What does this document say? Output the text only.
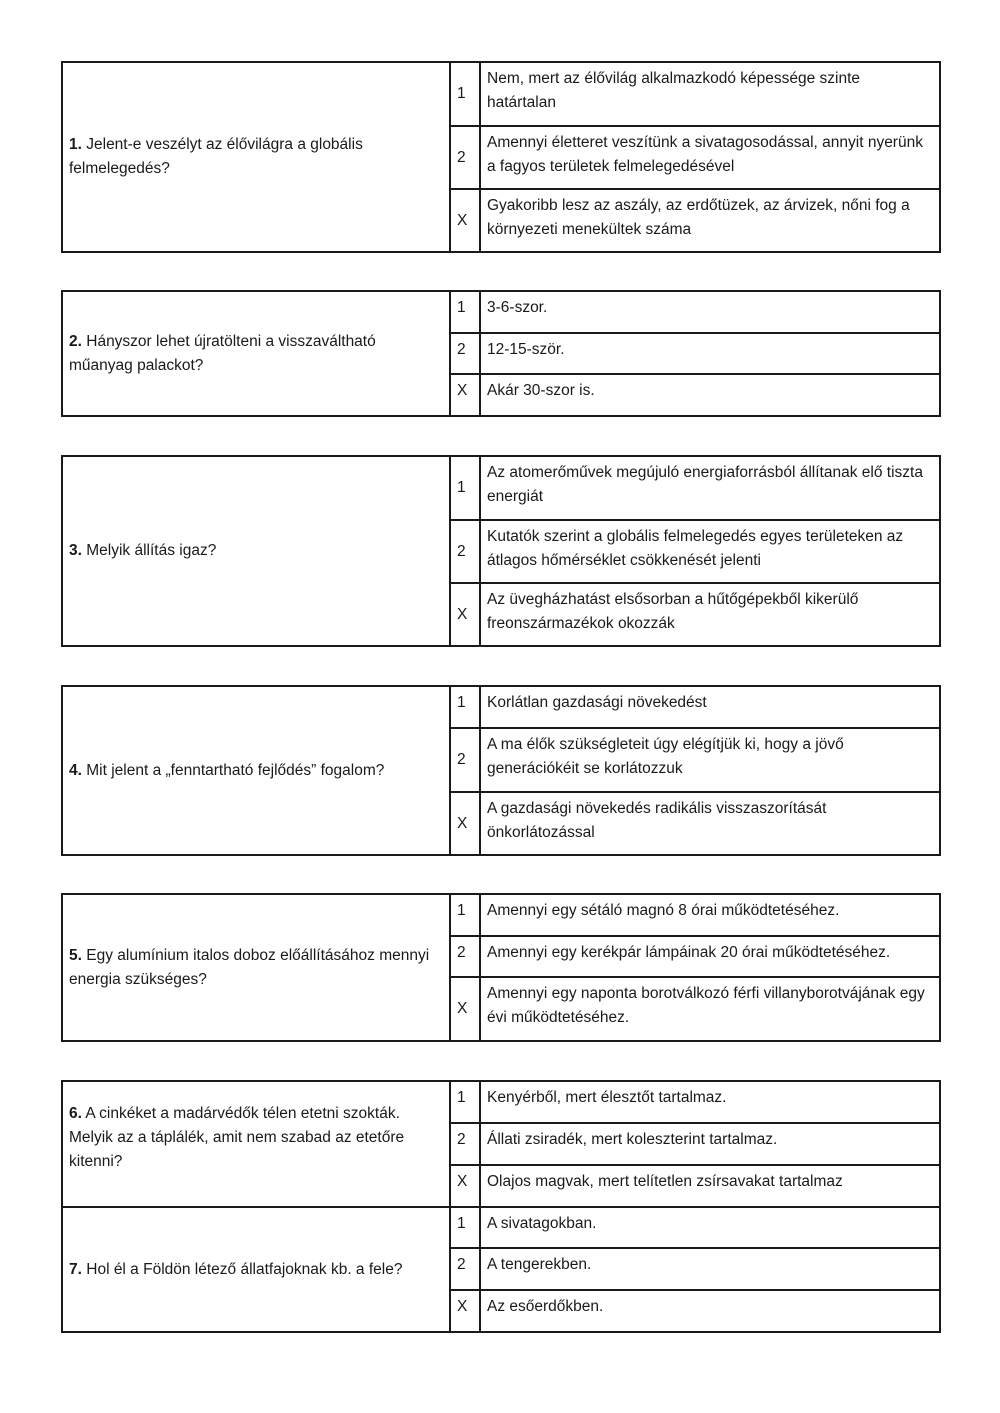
1. Jelent-e veszélyt az élővilágra a globális felmelegedés?	1	Nem, mert az élővilág alkalmazkodó képessége szinte határtalan
	2	Amennyi életteret veszítünk a sivatagosodással, annyit nyerünk a fagyos területek felmelegedésével
	X	Gyakoribb lesz az aszály, az erdőtüzek, az árvizek, nőni fog a környezeti menekültek száma
2. Hányszor lehet újratölteni a visszaváltható műanyag palackot?	1	3-6-szor.
	2	12-15-ször.
	X	Akár 30-szor is.
3. Melyik állítás igaz?	1	Az atomerőművek megújuló energiaforrásból állítanak elő tiszta energiát
	2	Kutatók szerint a globális felmelegedés egyes területeken az átlagos hőmérséklet csökkenését jelenti
	X	Az üvegházhatást elsősorban a hűtőgépekből kikerülő freonszármazékok okozzák
4. Mit jelent a „fenntartható fejlődés” fogalom?	1	Korlátlan gazdasági növekedést
	2	A ma élők szükségleteit úgy elégítjük ki, hogy a jövő generációkéit se korlátozzuk
	X	A gazdasági növekedés radikális visszaszorítását önkorlátozással
5. Egy alumínium italos doboz előállításához mennyi energia szükséges?	1	Amennyi egy sétáló magnó 8 órai működtetéséhez.
	2	Amennyi egy kerékpár lámpáinak 20 órai működtetéséhez.
	X	Amennyi egy naponta borotválkozó férfi villanyborotvájának egy évi működtetéséhez.
6. A cinkéket a madárvédők télen etetni szokták. Melyik az a táplálék, amit nem szabad az etetőre kitenni?	1	Kenyérből, mert élesztőt tartalmaz.
	2	Állati zsiradék, mert koleszterint tartalmaz.
	X	Olajos magvak, mert telítetlen zsírsavakat tartalmaz
7. Hol él a Földön létező állatfajoknak kb. a fele?	1	A sivatagokban.
	2	A tengerekben.
	X	Az esőerdőkben.
